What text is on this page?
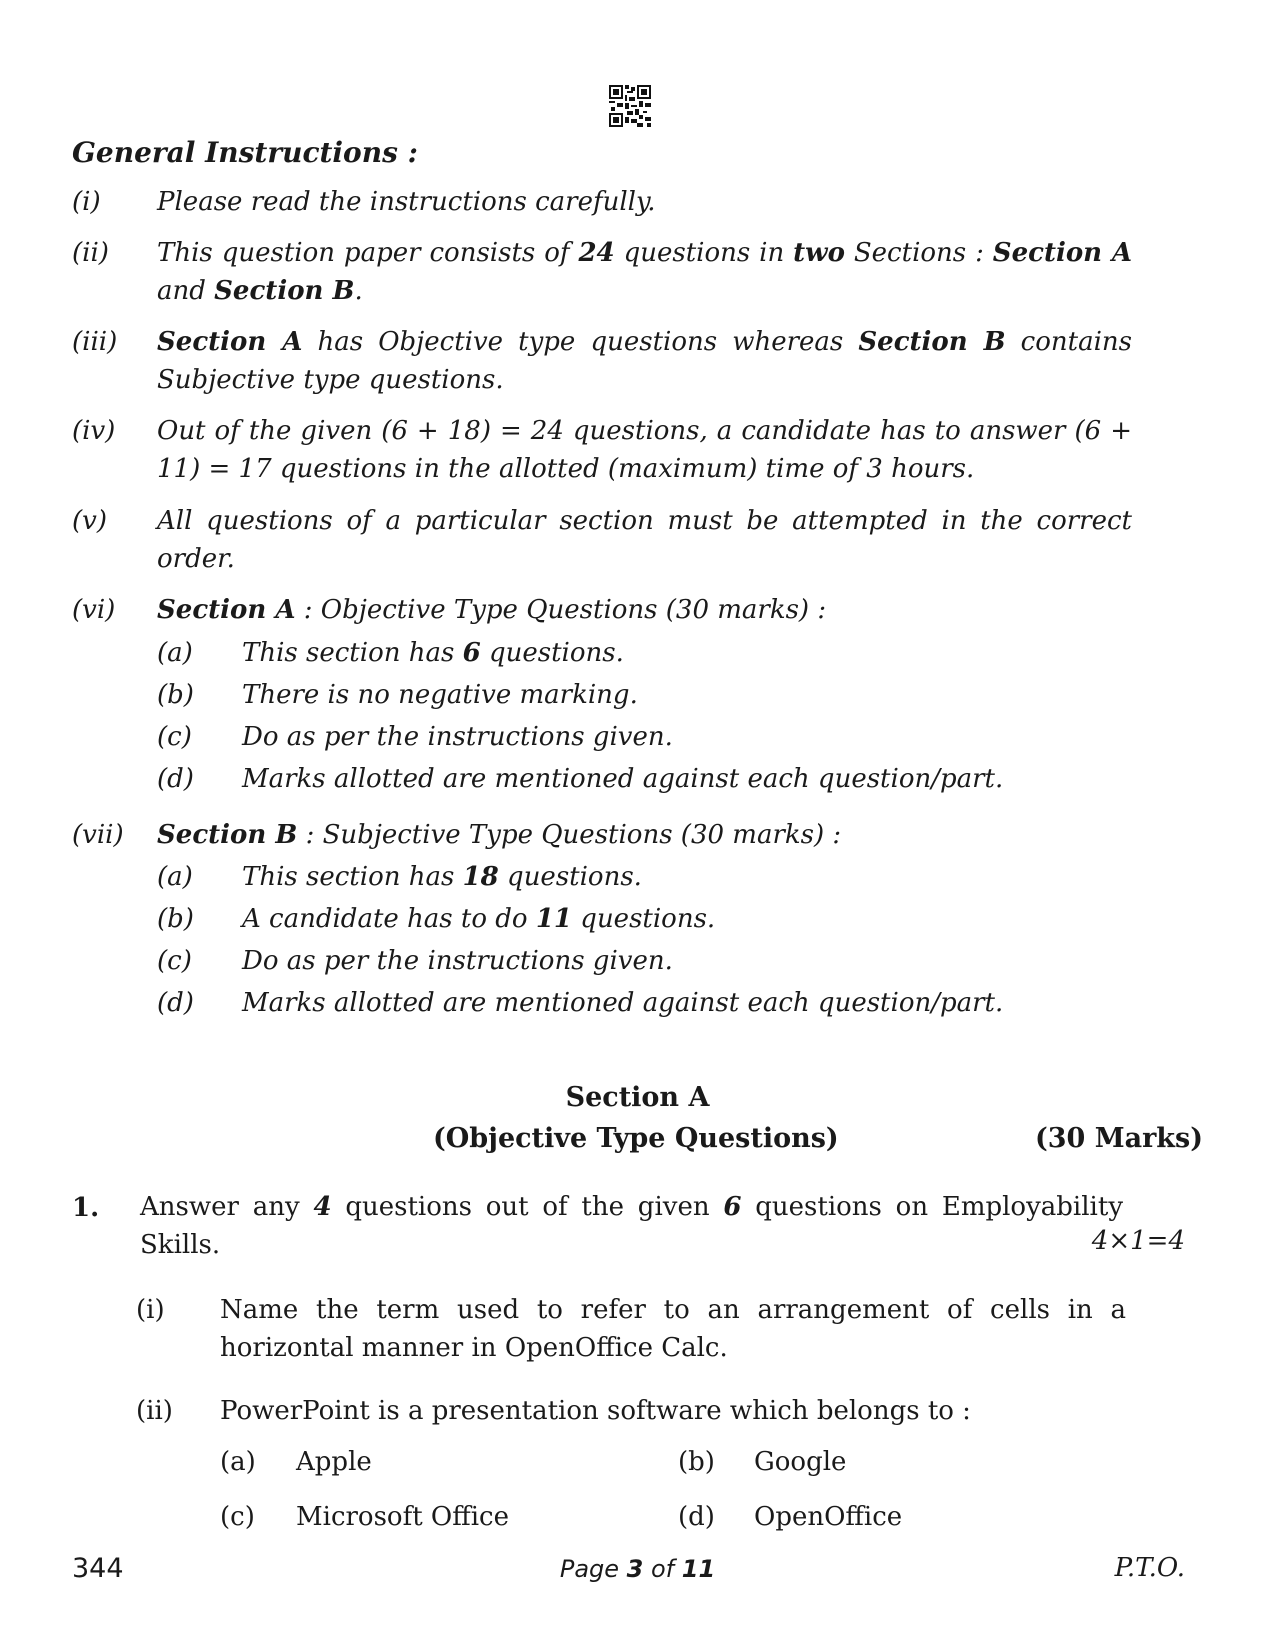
General Instructions :
(i) Please read the instructions carefully.
(ii) This question paper consists of 24 questions in two Sections : Section A and Section B.
(iii) Section A has Objective type questions whereas Section B contains Subjective type questions.
(iv) Out of the given (6 + 18) = 24 questions, a candidate has to answer (6 + 11) = 17 questions in the allotted (maximum) time of 3 hours.
(v) All questions of a particular section must be attempted in the correct order.
(vi) Section A : Objective Type Questions (30 marks) :
(a) This section has 6 questions.
(b) There is no negative marking.
(c) Do as per the instructions given.
(d) Marks allotted are mentioned against each question/part.
(vii) Section B : Subjective Type Questions (30 marks) :
(a) This section has 18 questions.
(b) A candidate has to do 11 questions.
(c) Do as per the instructions given.
(d) Marks allotted are mentioned against each question/part.
Section A
(Objective Type Questions)	(30 Marks)
1. Answer any 4 questions out of the given 6 questions on Employability Skills.	4×1=4
(i) Name the term used to refer to an arrangement of cells in a horizontal manner in OpenOffice Calc.
(ii) PowerPoint is a presentation software which belongs to :
(a) Apple	(b) Google
(c) Microsoft Office	(d) OpenOffice
344	Page 3 of 11	P.T.O.
